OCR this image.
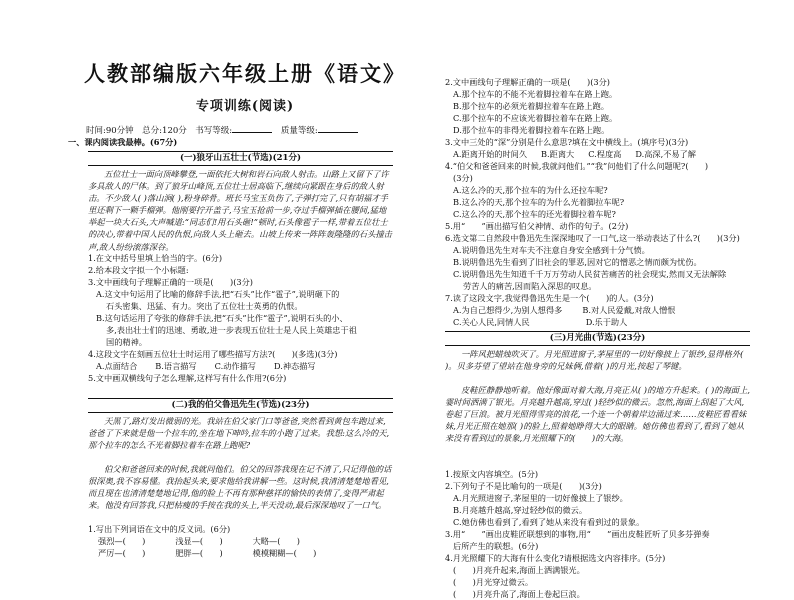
人教部编版六年级上册《语文》
专项训练(阅读)
时间:90分钟　总分:120分　书写等级:	质量等级:
一、课内阅读我最棒。(67分)
(一)狼牙山五壮士(节选)(21分)
五位壮士一面向顶峰攀登,一面依托大树和岩石向敌人射击。山路上又留下了许多具敌人的尸体。到了狼牙山峰顶,五位壮士居高临下,继续向紧跟在身后的敌人射击。不少敌人( )落山涧( ),粉身碎骨。班长马宝玉负伤了,子弹打完了,只有胡福才手里还剩下一颗手榴弹。他刚要拧开盖子,马宝玉抢前一步,夺过手榴弹插在腰间,猛地举起一块大石头,大声喊道:“同志们!用石头砸!”顿时,石头像雹子一样,带着五位壮士的决心,带着中国人民的仇恨,向敌人头上砸去。山坡上传来一阵阵轰隆隆的石头撞击声,敌人纷纷滚落深谷。
1.在文中括号里填上恰当的字。(6分)
2.给本段文字拟一个小标题:
3.文中画线句子理解正确的一项是(　　)(3分)
A.这文中句运用了比喻的修辞手法,把“石头”比作“雹子”,说明砸下的
石头密集、迅猛、有力。突出了五位壮士英勇的仇恨。
B.这句话运用了夸张的修辞手法,把“石头”比作“雹子”,说明石头的小、
多,表出壮士们的迅速、勇敢,进一步表现五位壮士是人民上英雄忠于祖
国的精神。
4.这段文字在刻画五位壮士时运用了哪些描写方法?(　　)(多选)(3分)
A.点面结合 B.语言描写 C.动作描写 D.神态描写
5.文中画双横线句子怎么理解,这样写有什么作用?(6分)
(二)我的伯父鲁迅先生(节选)(23分)
天黑了,路灯发出微弱的光。我站在伯父家门口等爸爸,突然看到黄包车跑过来,爸爸了下来就是他一个拉车的,坐在地下呻吟,拉车的小跑了过来。我想:这么冷的天,那个拉车的怎么不光着脚拉着车在路上跑呢?
伯父和爸爸回来的时候,我就问他们。伯父的回答我现在记不清了,只记得他的话很深奥,我不容易懂。我抬起头来,要求他给我讲解一些。这时候,我清清楚楚地看见,而且现在也清清楚楚地记得,他的脸上不再有那种慈祥的愉快的表情了,变得严肃起来。他没有回答我,只把枯瘦的手按在我的头上,半天没动,最后深深地叹了一口气。
1.写出下列词语在文中的反义词。(6分)
强烈—(　　)	浅显—(　　)	大略—(　　)
严厉—(　　)	肥胖—(　　)	模模糊糊—(　　)
2.文中画线句子理解正确的一项是(　　)(3分)
A.那个拉车的不能不光着脚拉着车在路上跑。
B.那个拉车的必须光着脚拉着车在路上跑。
C.那个拉车的不应该光着脚拉着车在路上跑。
D.那个拉车的非得光着脚拉着车在路上跑。
3.文中三处的“深”分别是什么意思?填在文中横线上。(填序号)(3分)
A.距离开始的时间久 B.距离大 C.程度高 D.高深,不易了解
4.“伯父和爸爸回来的时候,我就问他们。”“我”问他们了什么问题呢?(　　)
(3分)
A.这么冷的天,那个拉车的为什么还拉车呢?
B.这么冷的天,那个拉车的为什么光着脚拉车呢?
C.这么冷的天,那个拉车的还光着脚拉着车呢?
5.用“　　”画出描写伯父神情、动作的句子。(2分)
6.选文第二自然段中鲁迅先生深深地叹了一口气,这一举动表达了什么?(　　)(3分)
A.说明鲁迅先生对车夫不注意自身安全感到十分气愤。
B.说明鲁迅先生看到了旧社会的罪恶,因对它的憎恶之情而颇为忧伤。
C.说明鲁迅先生知道千千万万劳动人民贫苦痛苦的社会现实,然而又无法解除
劳苦人的痛苦,因而陷入深思的叹息。
7.读了这段文字,我觉得鲁迅先生是一个(　　)的人。(3分)
A.为自己想得少,为别人想得多 B.对人民爱戴,对敌人憎恨
C.关心人民,同情人民	D.乐于助人
(三)月光曲(节选)(23分)
一阵风把蜡烛吹灭了。月光照进窗子,茅屋里的一切好像披上了银纱,显得格外( )。贝多芬望了望站在他身旁的兄妹俩,借着( )的月光,按起了琴键。
皮鞋匠静静地听着。他好像面对着大海,月亮正从( )的地方升起来。( )的海面上,霎时间洒满了银光。月亮越升越高,穿过( )轻纱似的微云。忽然,海面上刮起了大风,卷起了巨浪。被月光照得雪亮的浪花,一个连一个朝着岸边涌过来……皮鞋匠看看妹妹,月光正照在她那( )的脸上,照着她睁得大大的眼睛。她仿佛也看到了,看到了她从来没有看到过的景象,月光照耀下的(　　)的大海。
1.按原文内容填空。(5分)
2.下列句子不是比喻句的一项是(　　)(3分)
A.月光照进窗子,茅屋里的一切好像披上了银纱。
B.月亮越升越高,穿过轻纱似的微云。
C.她仿佛也看到了,看到了她从来没有看到过的景象。
3.用“　　”画出皮鞋匠联想到的事物,用“　　”画出皮鞋匠听了贝多芬弹奏
后所产生的联想。(6分)
4.月光照耀下的大海有什么变化?请根据选文内容排序。(5分)
(　　)月亮升起来,海面上洒满银光。
(　　)月光穿过微云。
(　　)月亮升高了,海面上卷起巨浪。
